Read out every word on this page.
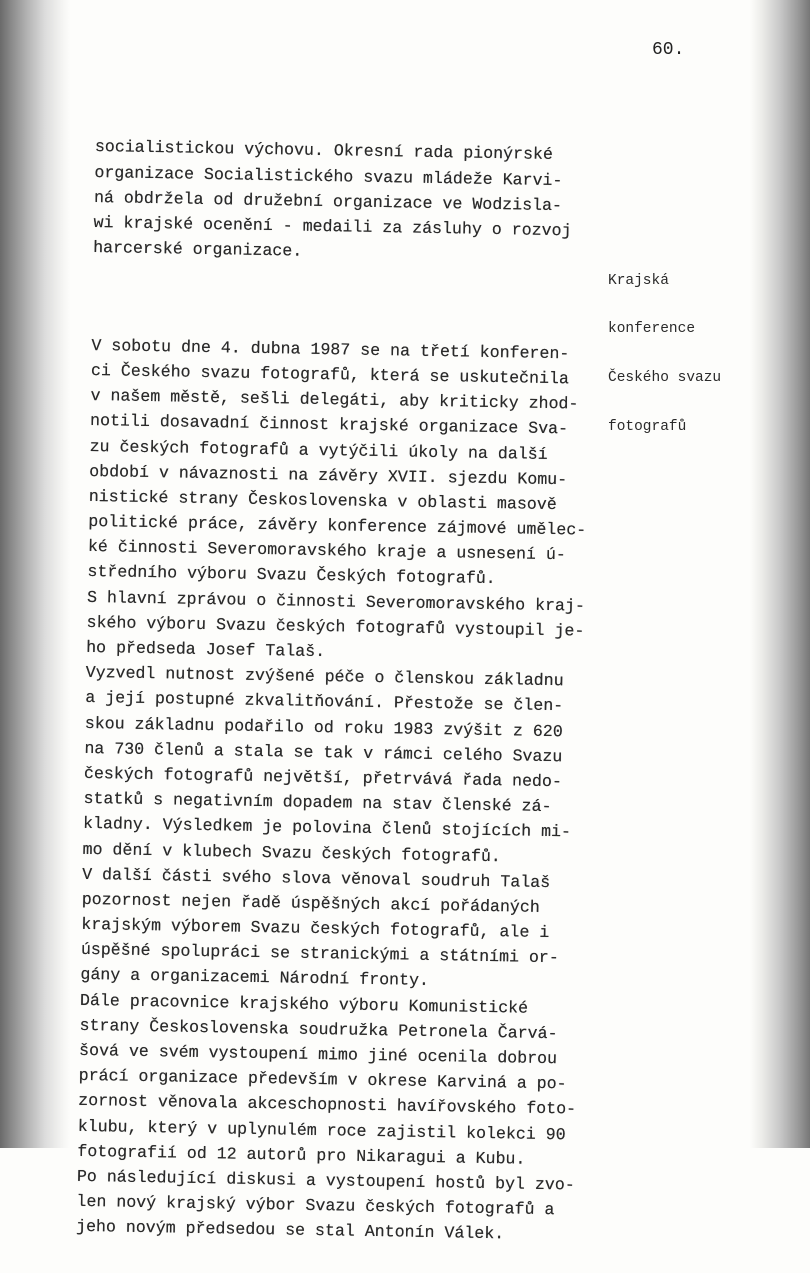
60.

socialistickou výchovu. Okresní rada pionýrské
organizace Socialistického svazu mládeže Karvi-
ná obdržela od družební organizace ve Wodzisla-
wi krajské ocenění - medaili za zásluhy o rozvoj
harcerské organizace.

V sobotu dne 4. dubna 1987 se na třetí konferen-
ci Českého svazu fotografů, která se uskutečnila
v našem městě, sešli delegáti, aby kriticky zhod-
notili dosavadní činnost krajské organizace Sva-
zu českých fotografů a vytýčili úkoly na další
období v návaznosti na závěry XVII. sjezdu Komu-
nistické strany Československa v oblasti masově
politické práce, závěry konference zájmové umělec-
ké činnosti Severomoravského kraje a usnesení ú-
středního výboru Svazu Českých fotografů.
S hlavní zprávou o činnosti Severomoravského kraj-
ského výboru Svazu českých fotografů vystoupil je-
ho předseda Josef Talaš.
Vyzvedl nutnost zvýšené péče o členskou základnu
a její postupné zkvalitňování. Přestože se člen-
skou základnu podařilo od roku 1983 zvýšit z 620
na 730 členů a stala se tak v rámci celého Svazu
českých fotografů největší, přetrvává řada nedo-
statků s negativním dopadem na stav členské zá-
kladny. Výsledkem je polovina členů stojících mi-
mo dění v klubech Svazu českých fotografů.
V další části svého slova věnoval soudruh Talaš
pozornost nejen řadě úspěšných akcí pořádaných
krajským výborem Svazu českých fotografů, ale i
úspěšné spolupráci se stranickými a státními or-
gány a organizacemi Národní fronty.
Dále pracovnice krajského výboru Komunistické
strany Československa soudružka Petronela Čarvá-
šová ve svém vystoupení mimo jiné ocenila dobrou
prácí organizace především v okrese Karviná a po-
zornost věnovala akceschopnosti havířovského foto-
klubu, který v uplynulém roce zajistil kolekci 90
fotografií od 12 autorů pro Nikaragui a Kubu.
Po následující diskusi a vystoupení hostů byl zvo-
len nový krajský výbor Svazu českých fotografů a
jeho novým předsedou se stal Antonín Válek.

Krajská

konference

Českého svazu

fotografů
